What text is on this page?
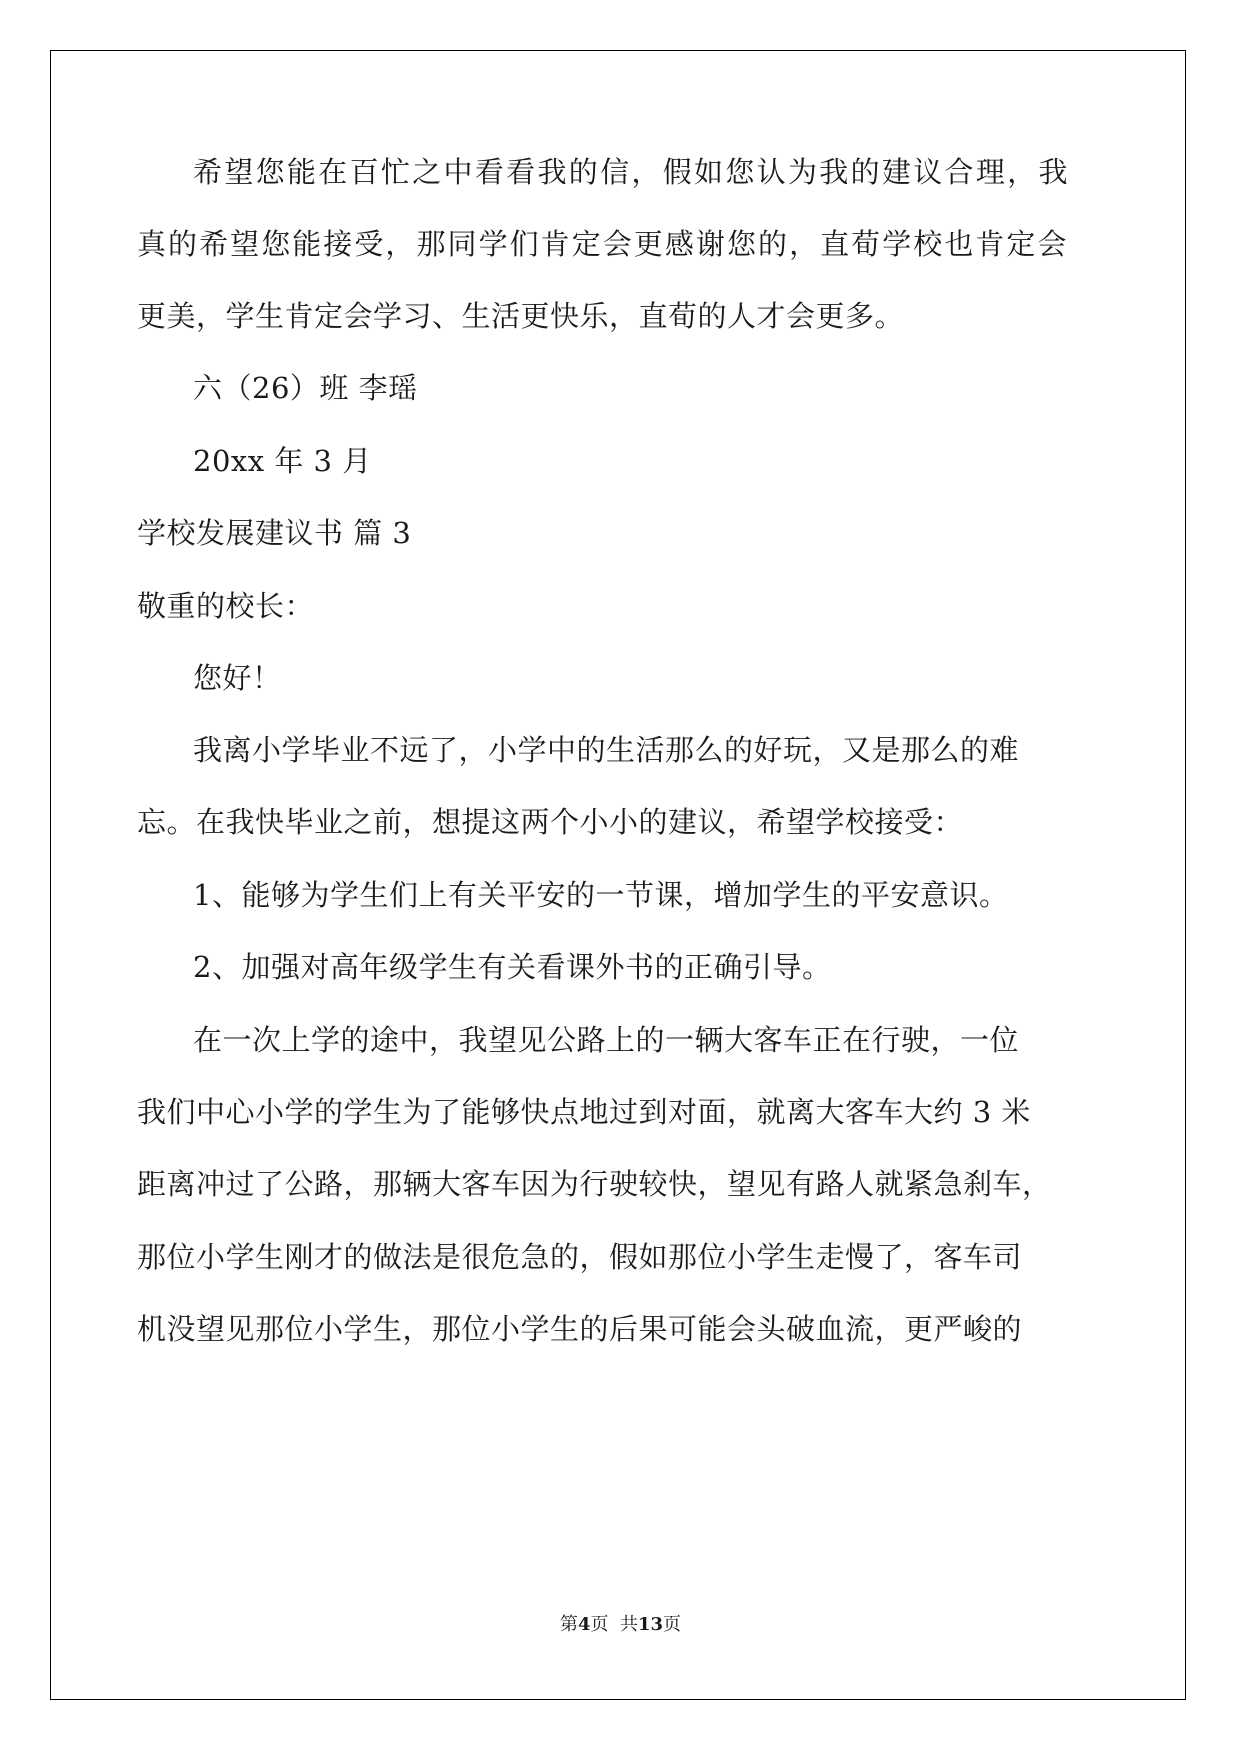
希望您能在百忙之中看看我的信，假如您认为我的建议合理，我
真的希望您能接受，那同学们肯定会更感谢您的，直荀学校也肯定会
更美，学生肯定会学习、生活更快乐，直荀的人才会更多。
六（26）班 李瑶
20xx 年 3 月
学校发展建议书 篇 3
敬重的校长：
您好！
我离小学毕业不远了，小学中的生活那么的好玩，又是那么的难
忘。在我快毕业之前，想提这两个小小的建议，希望学校接受：
1、能够为学生们上有关平安的一节课，增加学生的平安意识。
2、加强对高年级学生有关看课外书的正确引导。
在一次上学的途中，我望见公路上的一辆大客车正在行驶，一位
我们中心小学的学生为了能够快点地过到对面，就离大客车大约 3 米
距离冲过了公路，那辆大客车因为行驶较快，望见有路人就紧急刹车，
那位小学生刚才的做法是很危急的，假如那位小学生走慢了，客车司
机没望见那位小学生，那位小学生的后果可能会头破血流，更严峻的
第4页  共13页
